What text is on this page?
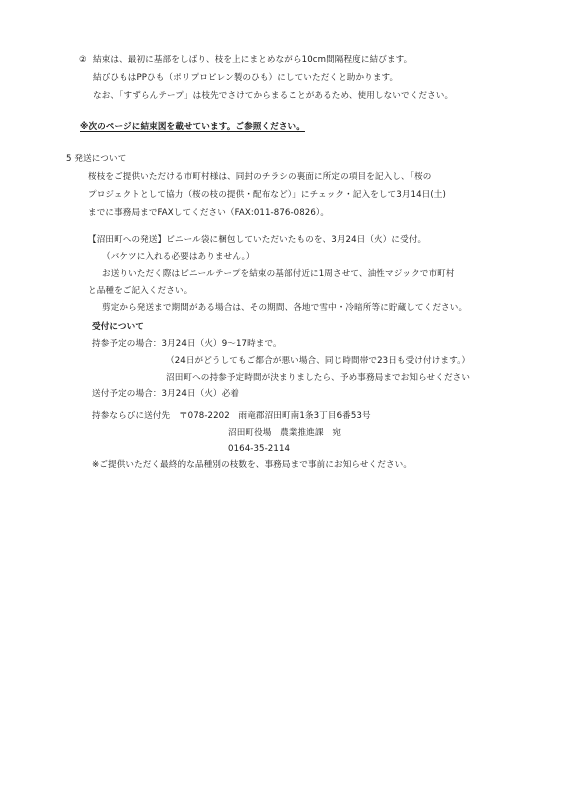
② 結束は、最初に基部をしばり、枝を上にまとめながら10cm間隔程度に結びます。
結びひもはPPひも（ポリプロピレン製のひも）にしていただくと助かります。
なお、「すずらんテープ」は枝先でさけてからまることがあるため、使用しないでください。
※次のページに結束図を載せています。ご参照ください。
5 発送について
桜枝をご提供いただける市町村様は、同封のチラシの裏面に所定の項目を記入し、「桜の
プロジェクトとして協力（桜の枝の提供・配布など）」にチェック・記入をして3月14日(土)
までに事務局までFAXしてください（FAX:011-876-0826）。
【沼田町への発送】ビニール袋に梱包していただいたものを、3月24日（火）に受付。
（バケツに入れる必要はありません。）
お送りいただく際はビニールテープを結束の基部付近に1周させて、油性マジックで市町村
と品種をご記入ください。
剪定から発送まで期間がある場合は、その期間、各地で雪中・冷暗所等に貯蔵してください。
受付について
持参予定の場合：3月24日（火）9～17時まで。
（24日がどうしてもご都合が悪い場合、同じ時間帯で23日も受け付けます。）
沼田町への持参予定時間が決まりましたら、予め事務局までお知らせください
送付予定の場合：3月24日（火）必着
持参ならびに送付先　〒078-2202　雨竜郡沼田町南1条3丁目6番53号
沼田町役場　農業推進課　宛
0164-35-2114
※ご提供いただく最終的な品種別の枝数を、事務局まで事前にお知らせください。
